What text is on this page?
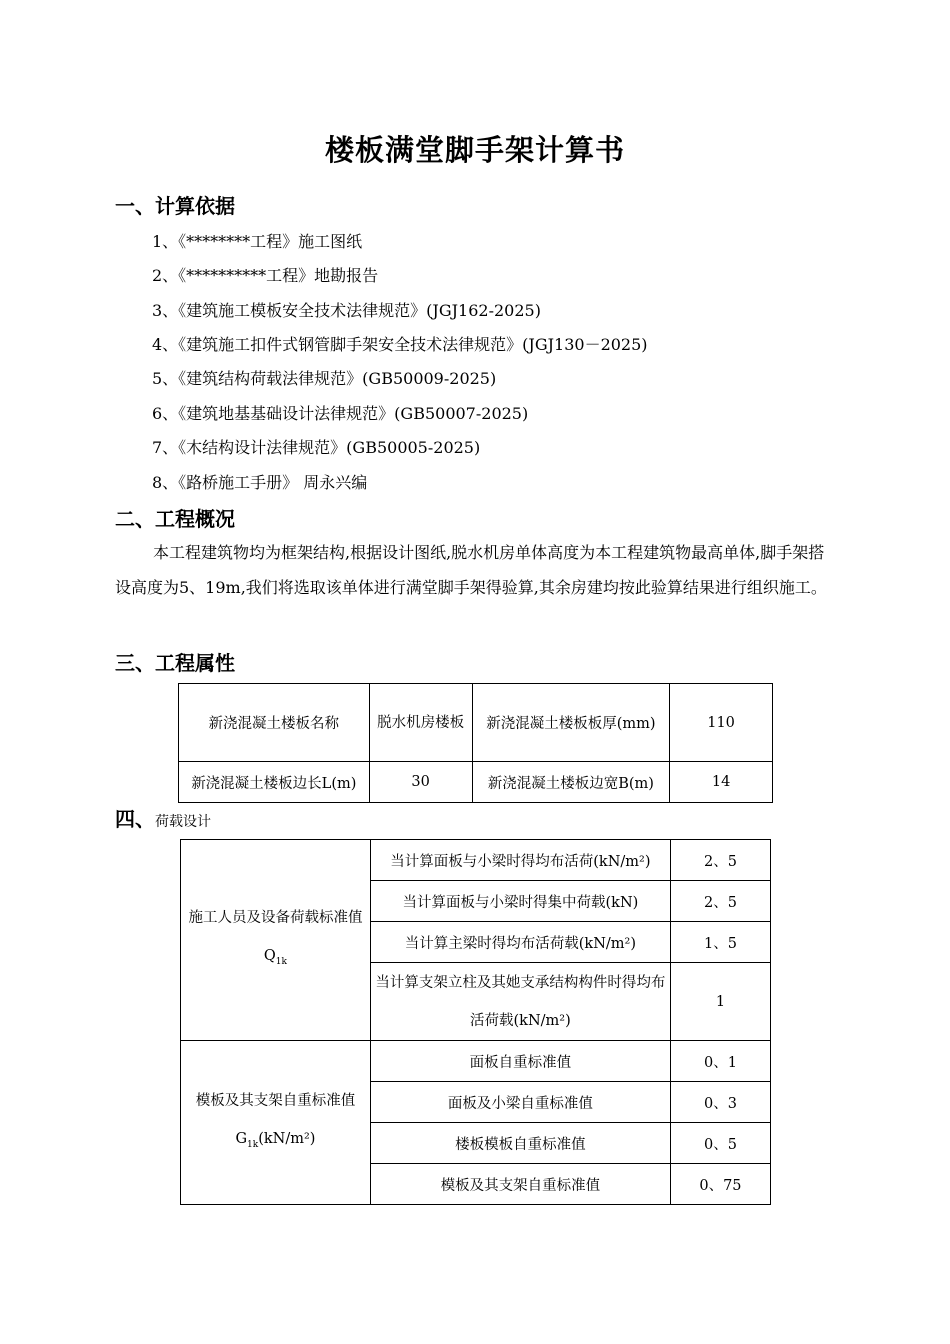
楼板满堂脚手架计算书
一、计算依据
1、《********工程》施工图纸
2、《**********工程》地勘报告
3、《建筑施工模板安全技术法律规范》(JGJ162-2025)
4、《建筑施工扣件式钢管脚手架安全技术法律规范》(JGJ130－2025)
5、《建筑结构荷载法律规范》(GB50009-2025)
6、《建筑地基基础设计法律规范》(GB50007-2025)
7、《木结构设计法律规范》(GB50005-2025)
8、《路桥施工手册》 周永兴编
二、工程概况
本工程建筑物均为框架结构,根据设计图纸,脱水机房单体高度为本工程建筑物最高单体,脚手架搭设高度为5、19m,我们将选取该单体进行满堂脚手架得验算,其余房建均按此验算结果进行组织施工。
三、工程属性
新浇混凝土楼板名称	脱水机房楼板	新浇混凝土楼板板厚(mm)	110
新浇混凝土楼板边长L(m)	30	新浇混凝土楼板边宽B(m)	14
四、荷载设计
施工人员及设备荷载标准值$Q_{1k}$	当计算面板与小梁时得均布活荷(kN/m²)	2、5
	当计算面板与小梁时得集中荷载(kN)	2、5
	当计算主梁时得均布活荷载(kN/m²)	1、5

	当计算支架立柱及其她支承结构构件时得均布活荷载(kN/m²)	1

模板及其支架自重标准值
$G_{1k}(kN/m^2)$	面板自重标准值	0、1
	面板及小梁自重标准值	0、3
	楼板模板自重标准值	0、5
	模板及其支架自重标准值	0、75
